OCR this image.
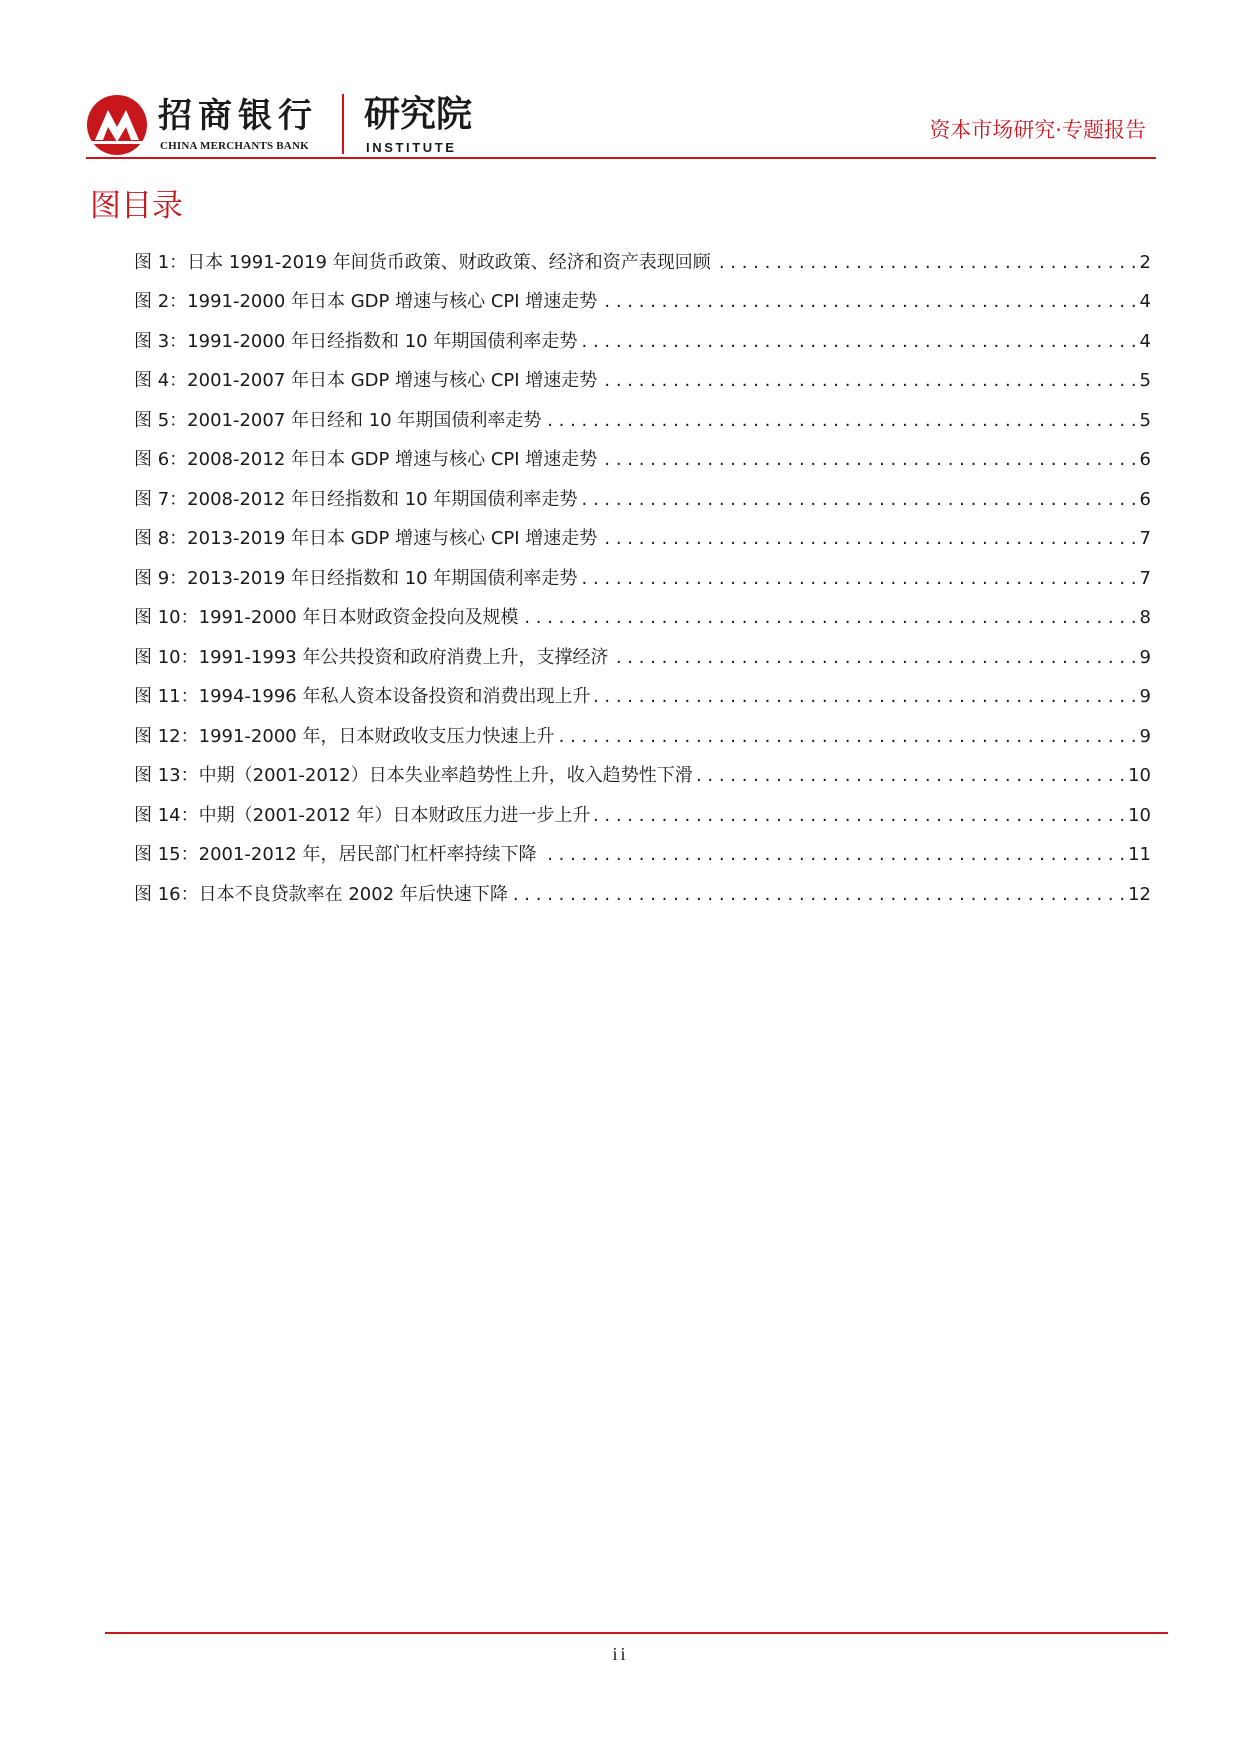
招商银行
CHINA MERCHANTS BANK
研究院
INSTITUTE
资本市场研究·专题报告
图目录
图 1：日本 1991-2019 年间货币政策、财政政策、经济和资产表现回顾 . . .	2
图 2：1991-2000 年日本 GDP 增速与核心 CPI 增速走势 . . .	4
图 3：1991-2000 年日经指数和 10 年期国债利率走势 . . .	4
图 4：2001-2007 年日本 GDP 增速与核心 CPI 增速走势 . . .	5
图 5：2001-2007 年日经和 10 年期国债利率走势 . . .	5
图 6：2008-2012 年日本 GDP 增速与核心 CPI 增速走势 . . .	6
图 7：2008-2012 年日经指数和 10 年期国债利率走势 . . .	6
图 8：2013-2019 年日本 GDP 增速与核心 CPI 增速走势 . . .	7
图 9：2013-2019 年日经指数和 10 年期国债利率走势 . . .	7
图 10：1991-2000 年日本财政资金投向及规模 . . .	8
图 10：1991-1993 年公共投资和政府消费上升，支撑经济 . . .	9
图 11：1994-1996 年私人资本设备投资和消费出现上升 . . .	9
图 12：1991-2000 年，日本财政收支压力快速上升 . . .	9
图 13：中期（2001-2012）日本失业率趋势性上升，收入趋势性下滑 . . .	10
图 14：中期（2001-2012 年）日本财政压力进一步上升 . . .	10
图 15：2001-2012 年，居民部门杠杆率持续下降 . . .	11
图 16：日本不良贷款率在 2002 年后快速下降 . . .	12
ii
